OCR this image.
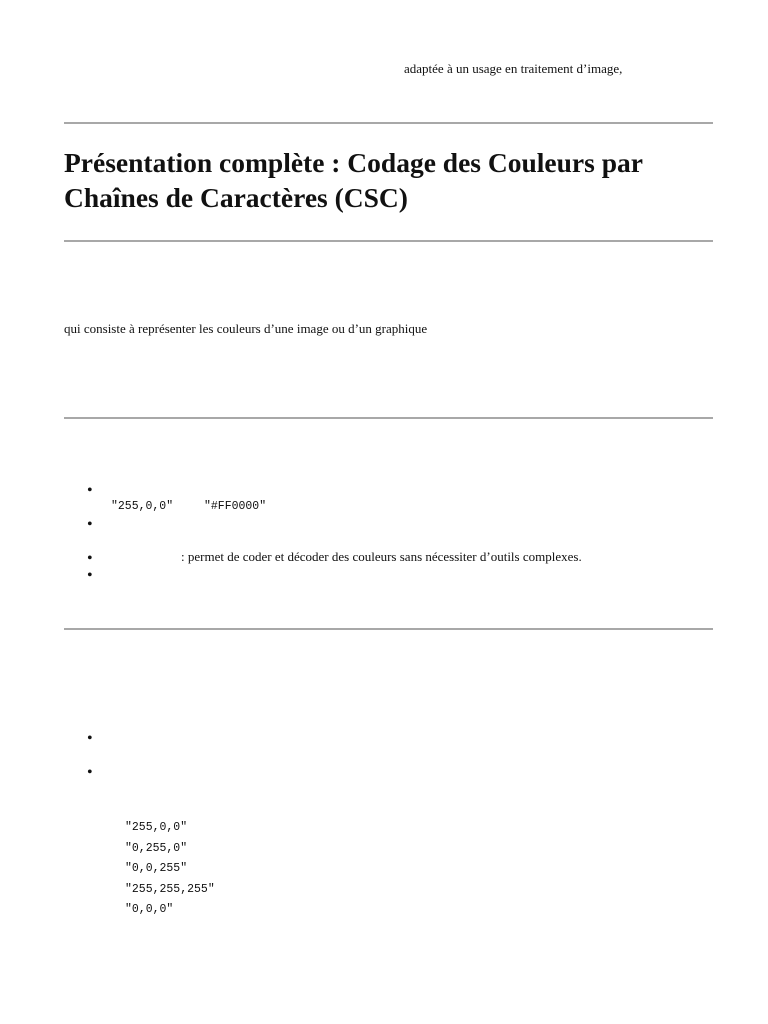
adaptée à un usage en traitement d’image,
Présentation complète : Codage des Couleurs par Chaînes de Caractères (CSC)
qui consiste à représenter les couleurs d’une image ou d’un graphique
•
"255,0,0"	"#FF0000"
•
•	: permet de coder et décoder des couleurs sans nécessiter d’outils complexes.
•
•
•
"255,0,0"
"0,255,0"
"0,0,255"
"255,255,255"
"0,0,0"
